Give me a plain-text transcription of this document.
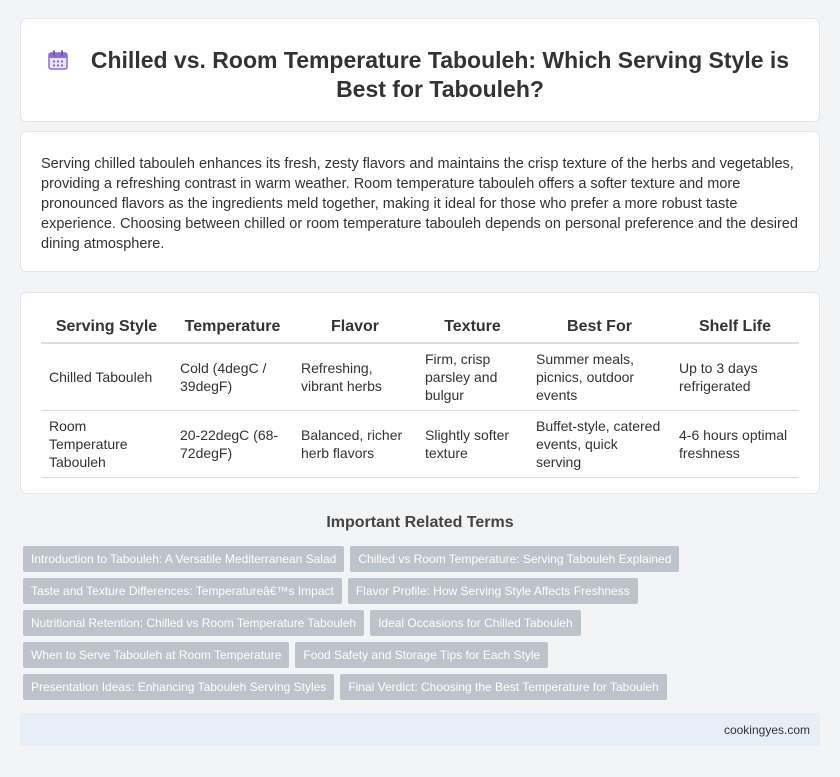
Chilled vs. Room Temperature Tabouleh: Which Serving Style is Best for Tabouleh?

Serving chilled tabouleh enhances its fresh, zesty flavors and maintains the crisp texture of the herbs and vegetables, providing a refreshing contrast in warm weather. Room temperature tabouleh offers a softer texture and more pronounced flavors as the ingredients meld together, making it ideal for those who prefer a more robust taste experience. Choosing between chilled or room temperature tabouleh depends on personal preference and the desired dining atmosphere.

Serving Style	Temperature	Flavor	Texture	Best For	Shelf Life
Chilled Tabouleh	Cold (4degC / 39degF)	Refreshing, vibrant herbs	Firm, crisp parsley and bulgur	Summer meals, picnics, outdoor events	Up to 3 days refrigerated
Room Temperature Tabouleh	20-22degC (68-72degF)	Balanced, richer herb flavors	Slightly softer texture	Buffet-style, catered events, quick serving	4-6 hours optimal freshness
Important Related Terms
Introduction to Tabouleh: A Versatile Mediterranean Salad	Chilled vs Room Temperature: Serving Tabouleh Explained
Taste and Texture Differences: Temperatureâ€™s Impact	Flavor Profile: How Serving Style Affects Freshness
Nutritional Retention: Chilled vs Room Temperature Tabouleh	Ideal Occasions for Chilled Tabouleh
When to Serve Tabouleh at Room Temperature	Food Safety and Storage Tips for Each Style
Presentation Ideas: Enhancing Tabouleh Serving Styles	Final Verdict: Choosing the Best Temperature for Tabouleh
cookingyes.com
